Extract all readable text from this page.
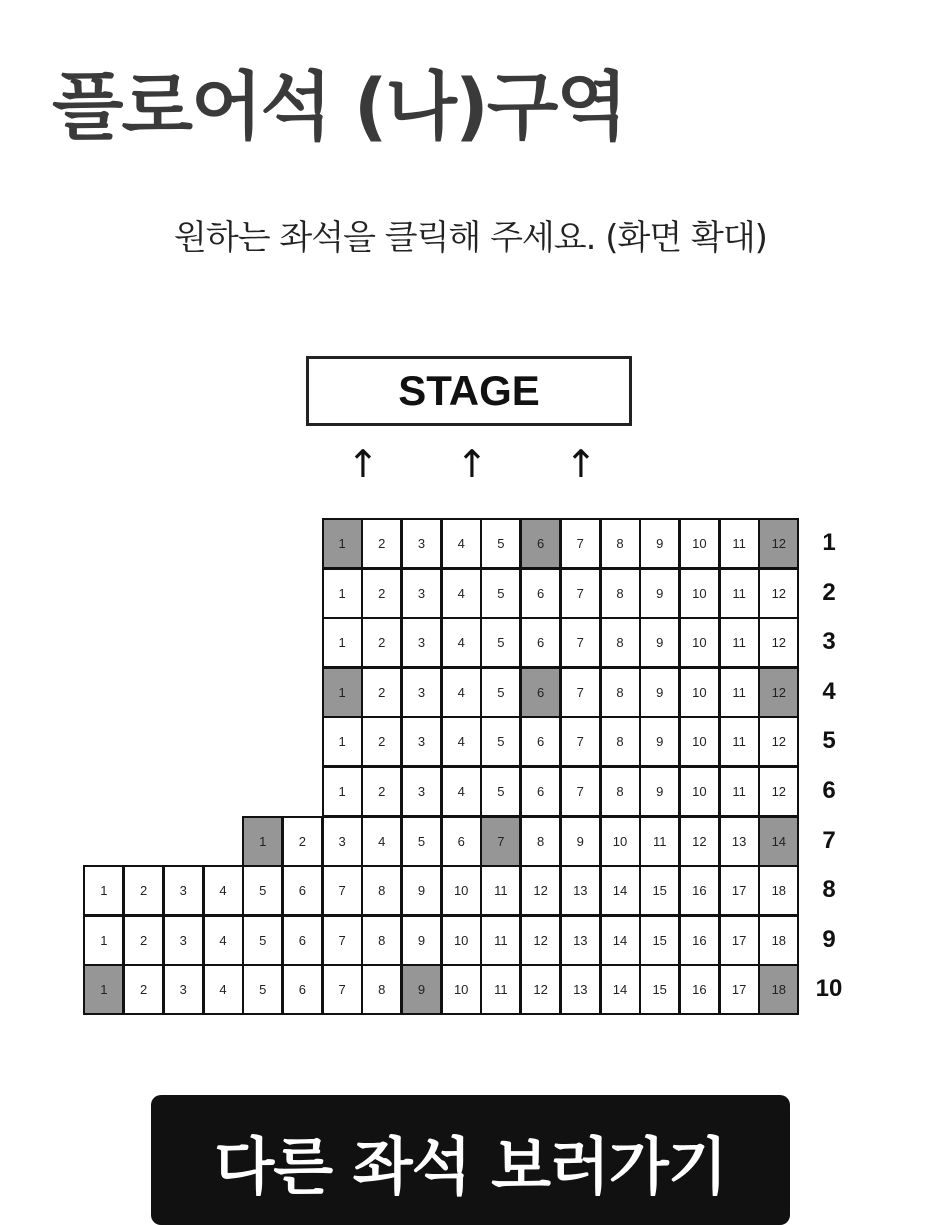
플로어석 (나)구역
원하는 좌석을 클릭해 주세요. (화면 확대)
STAGE
↑ ↑ ↑
1	2	3	4	5	6	7	8	9	10	11	12	1
1	2	3	4	5	6	7	8	9	10	11	12	2
1	2	3	4	5	6	7	8	9	10	11	12	3
1	2	3	4	5	6	7	8	9	10	11	12	4
1	2	3	4	5	6	7	8	9	10	11	12	5
1	2	3	4	5	6	7	8	9	10	11	12	6
1	2	3	4	5	6	7	8	9	10	11	12	13	14	7
1	2	3	4	5	6	7	8	9	10	11	12	13	14	15	16	17	18	8
1	2	3	4	5	6	7	8	9	10	11	12	13	14	15	16	17	18	9
1	2	3	4	5	6	7	8	9	10	11	12	13	14	15	16	17	18	10
다른 좌석 보러가기
